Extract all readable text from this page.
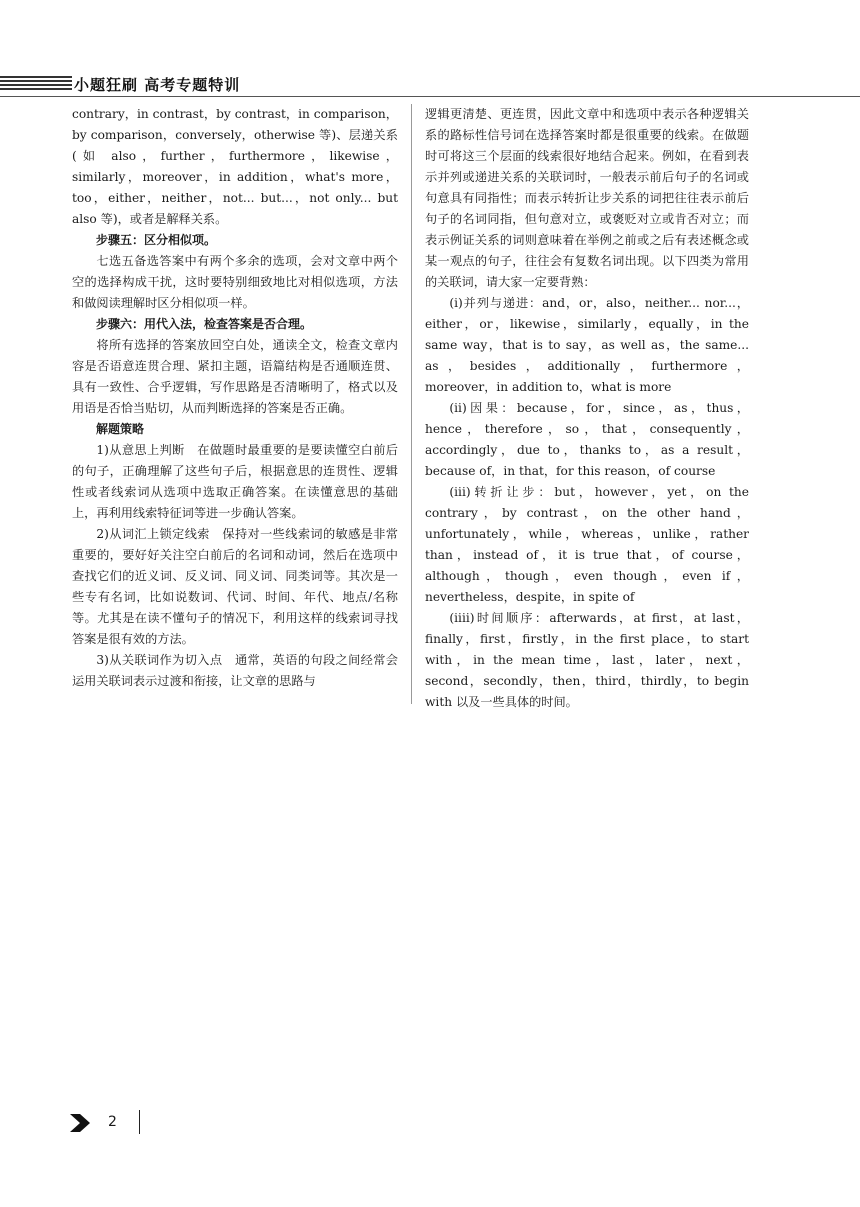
小题狂刷 高考专题特训

contrary，in contrast，by contrast，in comparison，by comparison，conversely，otherwise 等)、层递关系(如 also，further，furthermore，likewise，similarly，moreover，in addition，what's more，too，either，neither，not... but...，not only... but also 等)，或者是解释关系。

步骤五：区分相似项。

七选五备选答案中有两个多余的选项，会对文章中两个空的选择构成干扰，这时要特别细致地比对相似选项，方法和做阅读理解时区分相似项一样。

步骤六：用代入法，检查答案是否合理。

将所有选择的答案放回空白处，通读全文，检查文章内容是否语意连贯合理、紧扣主题，语篇结构是否通顺连贯、具有一致性、合乎逻辑，写作思路是否清晰明了，格式以及用语是否恰当贴切，从而判断选择的答案是否正确。

解题策略

1)从意思上判断　在做题时最重要的是要读懂空白前后的句子，正确理解了这些句子后，根据意思的连贯性、逻辑性或者线索词从选项中选取正确答案。在读懂意思的基础上，再利用线索特征词等进一步确认答案。

2)从词汇上锁定线索　保持对一些线索词的敏感是非常重要的，要好好关注空白前后的名词和动词，然后在选项中查找它们的近义词、反义词、同义词、同类词等。其次是一些专有名词，比如说数词、代词、时间、年代、地点/名称等。尤其是在读不懂句子的情况下，利用这样的线索词寻找答案是很有效的方法。

3)从关联词作为切入点　通常，英语的句段之间经常会运用关联词表示过渡和衔接，让文章的思路与

逻辑更清楚、更连贯，因此文章中和选项中表示各种逻辑关系的路标性信号词在选择答案时都是很重要的线索。在做题时可将这三个层面的线索很好地结合起来。例如，在看到表示并列或递进关系的关联词时，一般表示前后句子的名词或句意具有同指性；而表示转折让步关系的词把往往表示前后句子的名词同指，但句意对立，或褒贬对立或肯否对立；而表示例证关系的词则意味着在举例之前或之后有表述概念或某一观点的句子，往往会有复数名词出现。以下四类为常用的关联词，请大家一定要背熟：

(i)并列与递进：and，or，also，neither... nor...，either，or，likewise，similarly，equally，in the same way，that is to say，as well as，the same... as，besides，additionally，furthermore，moreover，in addition to，what is more

(ii)因果：because，for，since，as，thus，hence，therefore，so，that，consequently，accordingly，due to，thanks to，as a result，because of，in that，for this reason，of course

(iii)转折让步：but，however，yet，on the contrary，by contrast，on the other hand，unfortunately，while，whereas，unlike，rather than，instead of，it is true that，of course，although，though，even though，even if，nevertheless，despite，in spite of

(iiii)时间顺序：afterwards，at first，at last，finally，first，firstly，in the first place，to start with，in the mean time，last，later，next，second，secondly，then，third，thirdly，to begin with 以及一些具体的时间。

2
